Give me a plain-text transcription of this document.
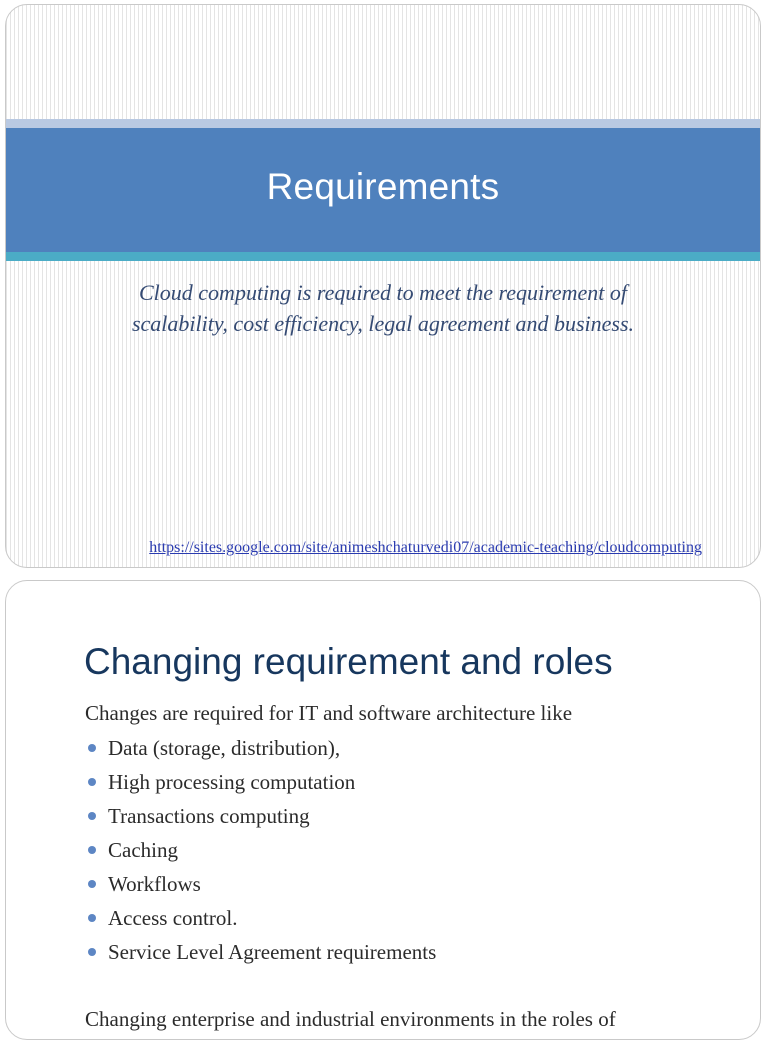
Requirements
Cloud computing is required to meet the requirement of
scalability, cost efficiency, legal agreement and business.
https://sites.google.com/site/animeshchaturvedi07/academic-teaching/cloudcomputing
Changing requirement and roles
Changes are required for IT and software architecture like
Data (storage, distribution),
High processing computation
Transactions computing
Caching
Workflows
Access control.
Service Level Agreement requirements
Changing enterprise and industrial environments in the roles of
